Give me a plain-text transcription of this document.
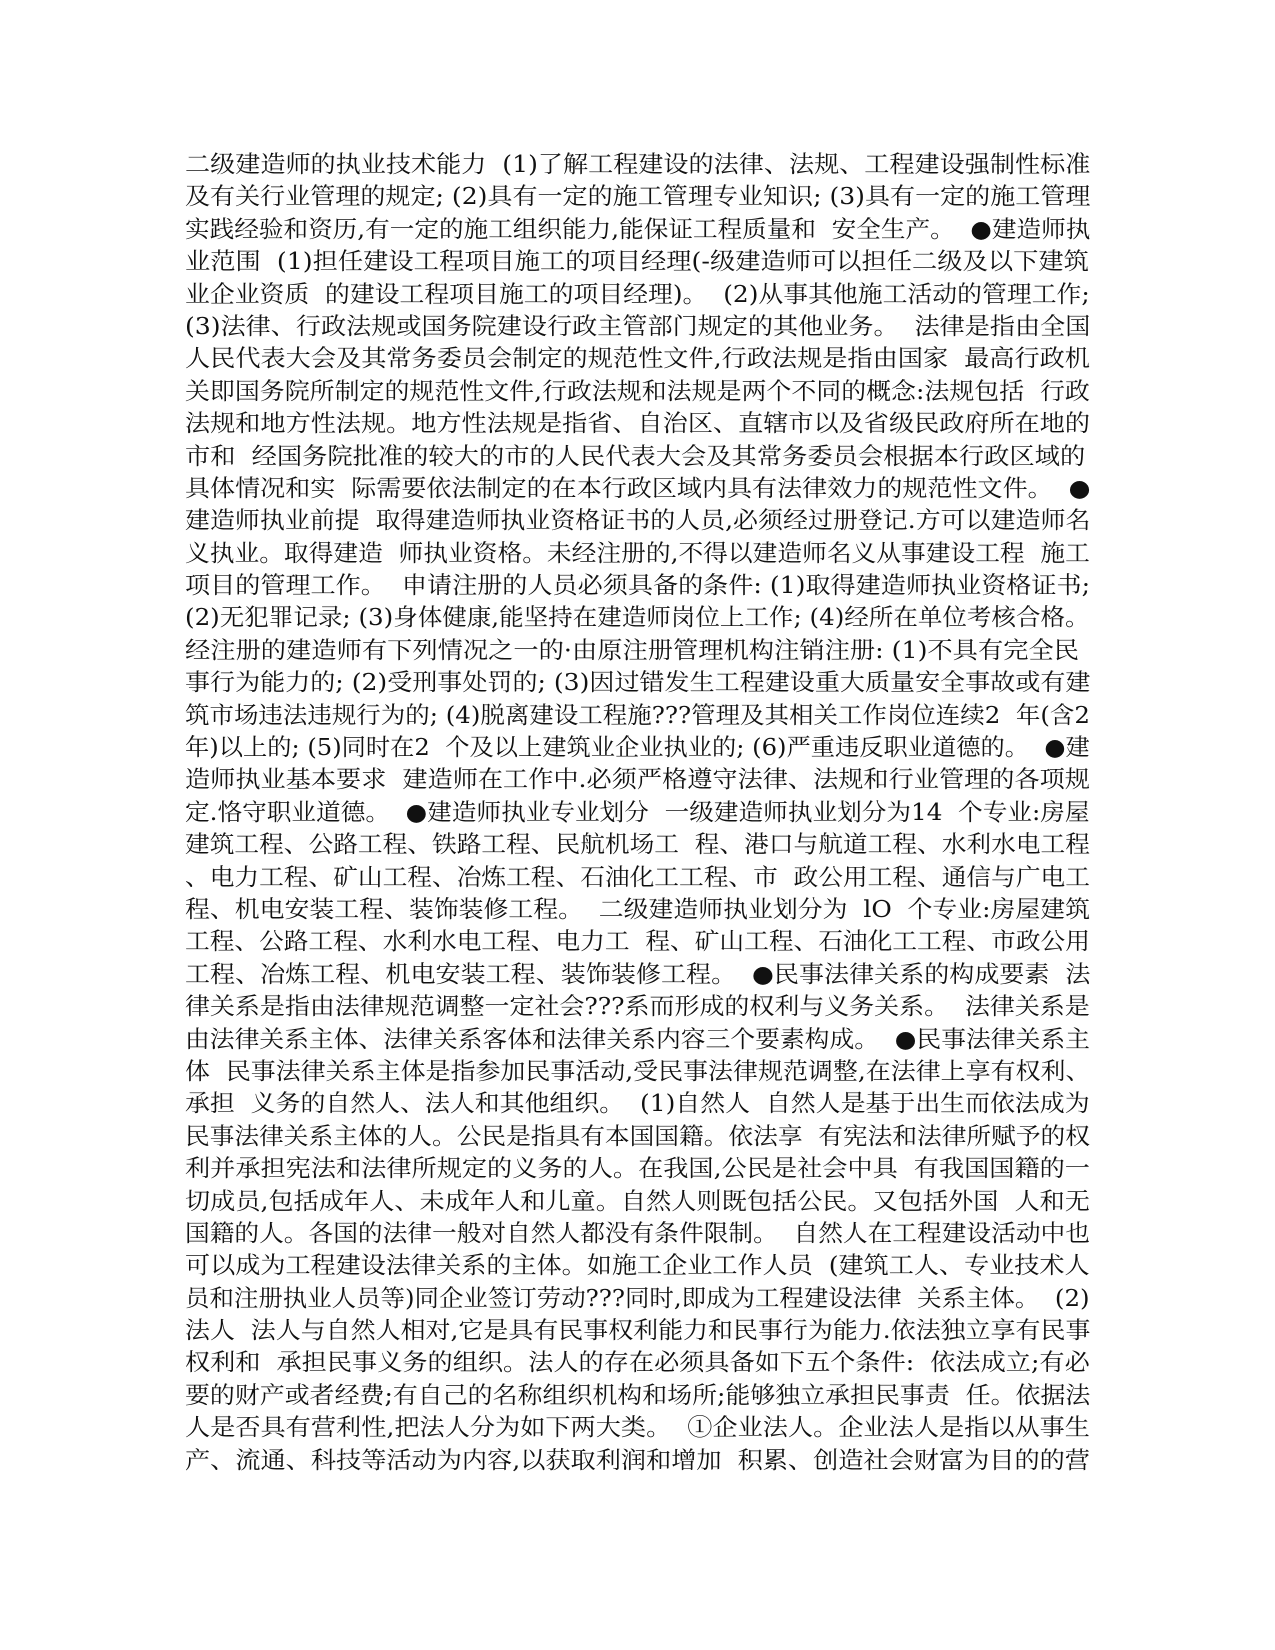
二级建造师的执业技术能力  (1)了解工程建设的法律、法规、工程建设强制性标准
及有关行业管理的规定; (2)具有一定的施工管理专业知识; (3)具有一定的施工管理
实践经验和资历,有一定的施工组织能力,能保证工程质量和  安全生产。  ●建造师执
业范围  (1)担任建设工程项目施工的项目经理(-级建造师可以担任二级及以下建筑
业企业资质  的建设工程项目施工的项目经理)。  (2)从事其他施工活动的管理工作;
(3)法律、行政法规或国务院建设行政主管部门规定的其他业务。  法律是指由全国
人民代表大会及其常务委员会制定的规范性文件,行政法规是指由国家  最高行政机
关即国务院所制定的规范性文件,行政法规和法规是两个不同的概念:法规包括  行政
法规和地方性法规。地方性法规是指省、自治区、直辖市以及省级民政府所在地的
市和  经国务院批准的较大的市的人民代表大会及其常务委员会根据本行政区域的
具体情况和实  际需要依法制定的在本行政区域内具有法律效力的规范性文件。  ●
建造师执业前提  取得建造师执业资格证书的人员,必须经过册登记.方可以建造师名
义执业。取得建造  师执业资格。未经注册的,不得以建造师名义从事建设工程  施工
项目的管理工作。  申请注册的人员必须具备的条件: (1)取得建造师执业资格证书;
(2)无犯罪记录; (3)身体健康,能坚持在建造师岗位上工作; (4)经所在单位考核合格。
经注册的建造师有下列情况之一的·由原注册管理机构注销注册: (1)不具有完全民
事行为能力的; (2)受刑事处罚的; (3)因过错发生工程建设重大质量安全事故或有建
筑市场违法违规行为的; (4)脱离建设工程施???管理及其相关工作岗位连续2  年(含2
年)以上的; (5)同时在2  个及以上建筑业企业执业的; (6)严重违反职业道德的。  ●建
造师执业基本要求  建造师在工作中.必须严格遵守法律、法规和行业管理的各项规
定.恪守职业道德。  ●建造师执业专业划分  一级建造师执业划分为14  个专业:房屋
建筑工程、公路工程、铁路工程、民航机场工  程、港口与航道工程、水利水电工程
、电力工程、矿山工程、冶炼工程、石油化工工程、市  政公用工程、通信与广电工
程、机电安装工程、装饰装修工程。  二级建造师执业划分为  lO  个专业:房屋建筑
工程、公路工程、水利水电工程、电力工  程、矿山工程、石油化工工程、市政公用
工程、冶炼工程、机电安装工程、装饰装修工程。  ●民事法律关系的构成要素  法
律关系是指由法律规范调整一定社会???系而形成的权利与义务关系。  法律关系是
由法律关系主体、法律关系客体和法律关系内容三个要素构成。  ●民事法律关系主
体  民事法律关系主体是指参加民事活动,受民事法律规范调整,在法律上享有权利、
承担  义务的自然人、法人和其他组织。  (1)自然人  自然人是基于出生而依法成为
民事法律关系主体的人。公民是指具有本国国籍。依法享  有宪法和法律所赋予的权
利并承担宪法和法律所规定的义务的人。在我国,公民是社会中具  有我国国籍的一
切成员,包括成年人、未成年人和儿童。自然人则既包括公民。又包括外国  人和无
国籍的人。各国的法律一般对自然人都没有条件限制。  自然人在工程建设活动中也
可以成为工程建设法律关系的主体。如施工企业工作人员  (建筑工人、专业技术人
员和注册执业人员等)同企业签订劳动???同时,即成为工程建设法律  关系主体。  (2)
法人  法人与自然人相对,它是具有民事权利能力和民事行为能力.依法独立享有民事
权利和  承担民事义务的组织。法人的存在必须具备如下五个条件:  依法成立;有必
要的财产或者经费;有自己的名称组织机构和场所;能够独立承担民事责  任。依据法
人是否具有营利性,把法人分为如下两大类。  ①企业法人。企业法人是指以从事生
产、流通、科技等活动为内容,以获取利润和增加  积累、创造社会财富为目的的营
